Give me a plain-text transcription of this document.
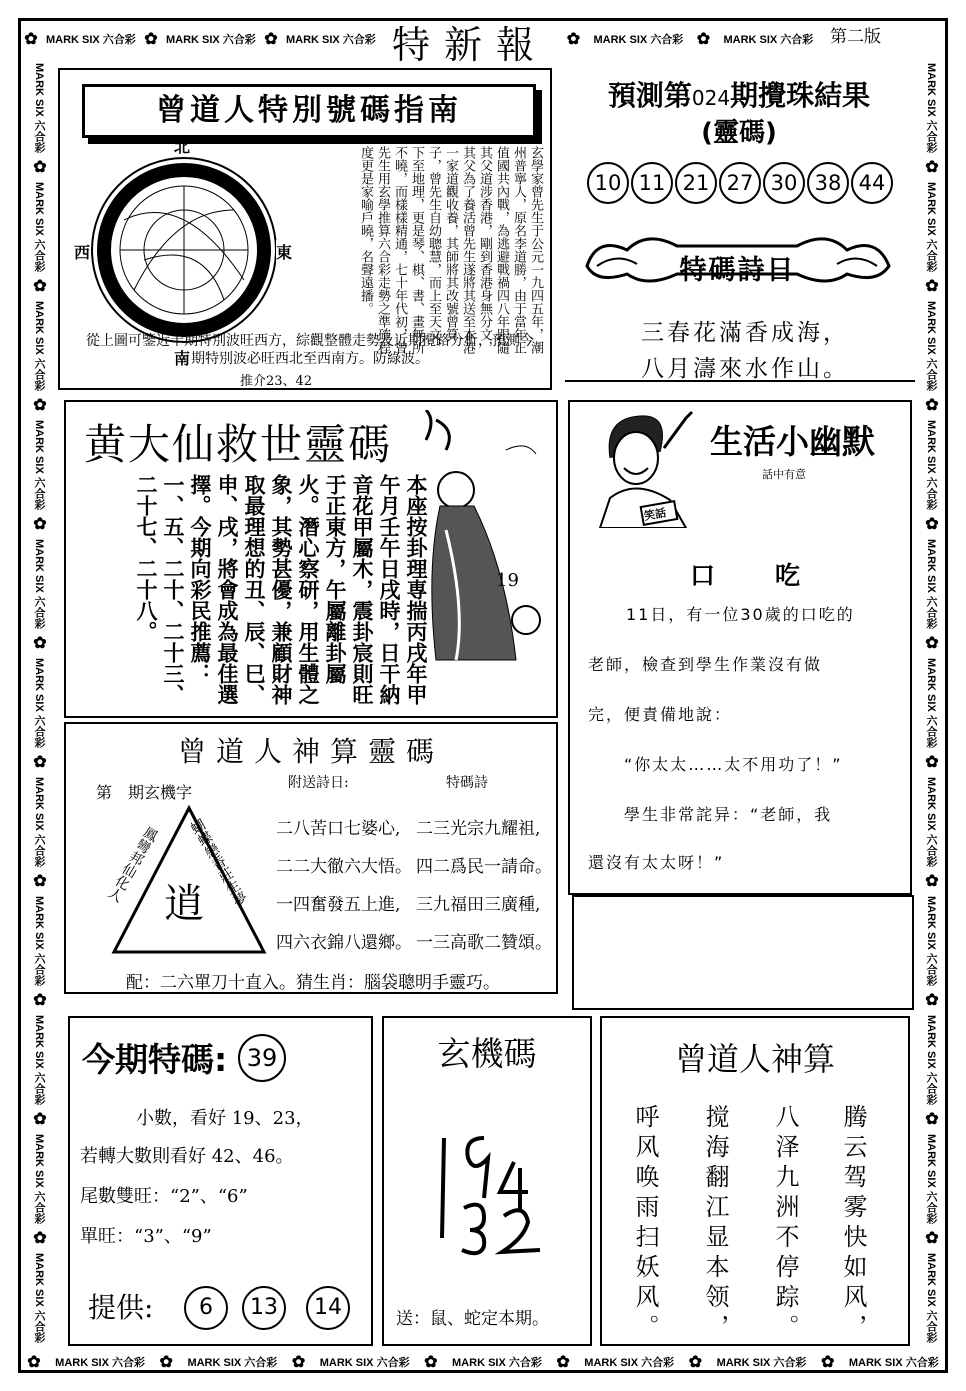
✿ MARK SIX 六合彩 ✿ MARK SIX 六合彩 ✿ MARK SIX 六合彩 特新報	✿ MARK SIX 六合彩 ✿ MARK SIX 六合彩 第二版
MARK SIX 六合彩
✿
MARK SIX 六合彩
✿
MARK SIX 六合彩
✿
MARK SIX 六合彩
✿
MARK SIX 六合彩
✿
MARK SIX 六合彩
✿
MARK SIX 六合彩
✿
MARK SIX 六合彩
✿
MARK SIX 六合彩
✿
MARK SIX 六合彩
✿
MARK SIX 六合彩
MARK SIX 六合彩
✿
MARK SIX 六合彩
✿
MARK SIX 六合彩
✿
MARK SIX 六合彩
✿
MARK SIX 六合彩
✿
MARK SIX 六合彩
✿
MARK SIX 六合彩
✿
MARK SIX 六合彩
✿
MARK SIX 六合彩
✿
MARK SIX 六合彩
✿
MARK SIX 六合彩
✿ MARK SIX 六合彩 ✿ MARK SIX 六合彩 ✿ MARK SIX 六合彩 ✿ MARK SIX 六合彩 ✿ MARK SIX 六合彩 ✿ MARK SIX 六合彩 ✿ MARK SIX 六合彩
曾道人特別號碼指南
北
南
西	東	玄學家曾先生于公元一九四五年，潮州普寧人，原名李道勝，由于當年正值國共內戰，為逃避戰禍四八年跟隨其父道涉香港，剛到香港身無分文，其父為了養活曾先生遂將其送至本港一家道觀收養，其師將其改號曾算子，曾先生自幼聰慧，而上至天文，下至地理，更是琴、棋、書、畫無所不曉，而樣樣精通，七十年代初，曾先生用玄學推算六合彩走勢之準確程度更是家喻戶曉，名聲遠播。
從上圖可鑒近十期特別波旺西方，綜觀整體走勢及近期攪路分析，預測今期特別波必旺西北至西南方。防綠波。
推介23、42
預測第024期攪珠結果
(靈碼)
10 11 21 27 30 38 44
特碼詩日
三春花滿香成海，
八月濤來水作山。
黄大仙救世靈碼
本座按卦理専揣丙戌年甲午月壬午日戌時，日干納音花甲屬木，震卦宸則旺于正東方，午屬離卦屬火。潛心察研，用生體之象，其勢甚優，兼顧財神取最理想的丑、辰、巳、申、戌，將會成為最佳選擇。今期向彩民推薦：一、五、二十、二十三、二十七、二十八。	19
曾道人神算靈碼
第　期玄機字	附送詩日:	特碼詩
逍
鳳彎邦仙化人 蝴蝶戀香莊生夢	二八苦口七婆心,
二二大徹六大悟。
一四奮發五上進,
四六衣錦八還鄉。
二三光宗九耀祖,
四二爲民一請命。
三九福田三廣種,
一三高歌二贊頌。
配：二六單刀十直入。猜生肖：腦袋聰明手靈巧。
笑話
生活小幽默
話中有意
口吃
11日，有一位30歲的口吃的
老師，檢查到學生作業沒有做
完，便責備地說：
“你太太……太不用功了！”
學生非常詫异：“老師，我
還沒有太太呀！”
今期特碼: 39
小數，看好 19、23，
若轉大數則看好 42、46。
尾數雙旺：“2”、“6”
單旺：“3”、“9”
提供:	6	13	14
玄機碼
送：鼠、蛇定本期。
曾道人神算
腾云驾雾快如风，
八泽九洲不停踪。
搅海翻江显本领，
呼风唤雨扫妖风。
